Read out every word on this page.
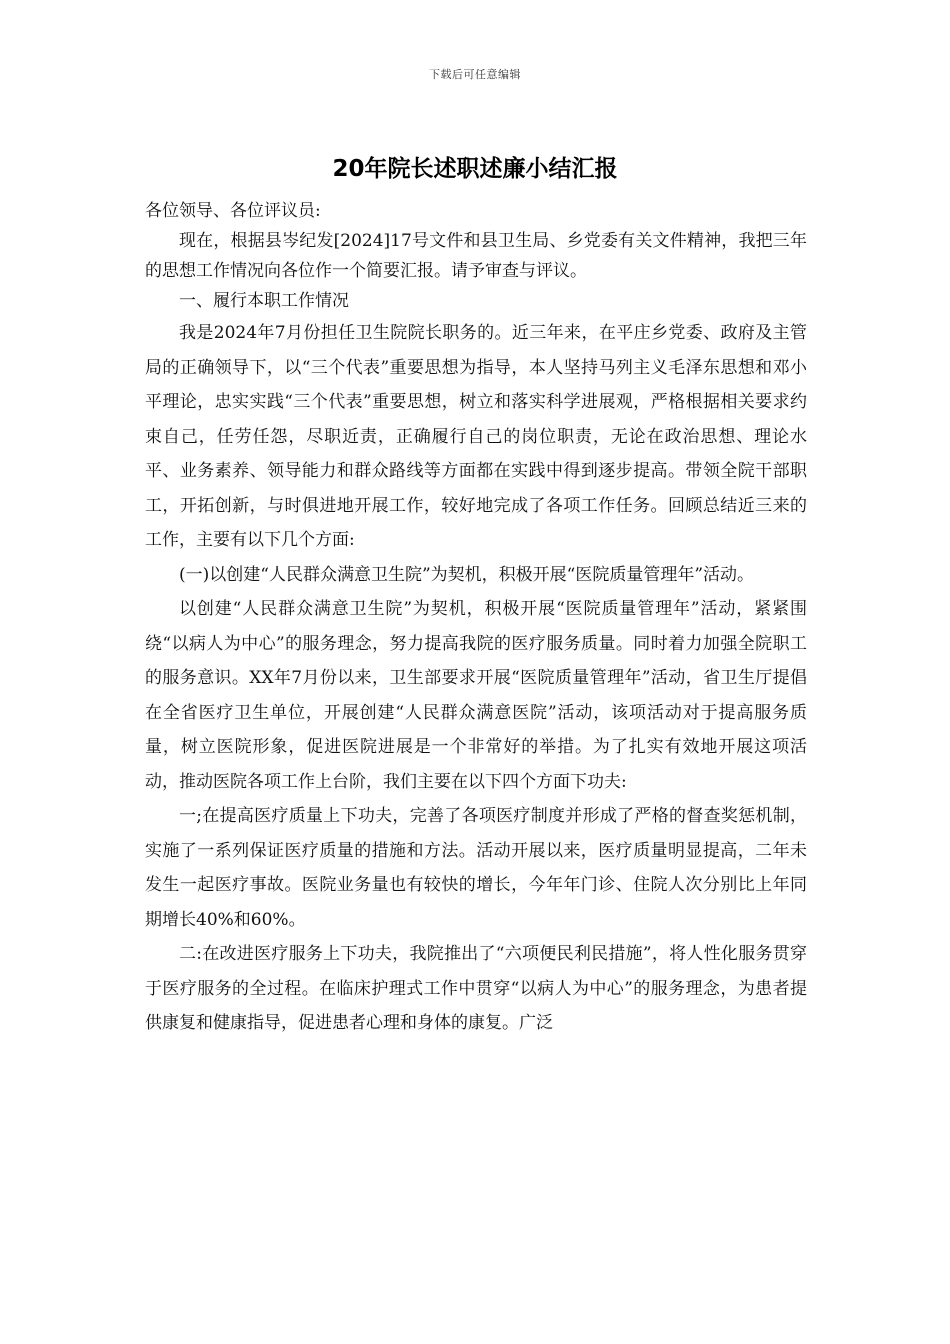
下载后可任意编辑
20年院长述职述廉小结汇报

各位领导、各位评议员:

现在，根据县岑纪发[2024]17号文件和县卫生局、乡党委有关文件精神，我把三年的思想工作情况向各位作一个简要汇报。请予审查与评议。

一、履行本职工作情况

我是2024年7月份担任卫生院院长职务的。近三年来，在平庄乡党委、政府及主管局的正确领导下，以“三个代表”重要思想为指导，本人坚持马列主义毛泽东思想和邓小平理论，忠实实践“三个代表”重要思想，树立和落实科学进展观，严格根据相关要求约束自己，任劳任怨，尽职近责，正确履行自己的岗位职责，无论在政治思想、理论水平、业务素养、领导能力和群众路线等方面都在实践中得到逐步提高。带领全院干部职工，开拓创新，与时俱进地开展工作，较好地完成了各项工作任务。回顾总结近三来的工作，主要有以下几个方面:

(一)以创建“人民群众满意卫生院”为契机，积极开展“医院质量管理年”活动。

以创建“人民群众满意卫生院”为契机，积极开展“医院质量管理年”活动，紧紧围绕“以病人为中心”的服务理念，努力提高我院的医疗服务质量。同时着力加强全院职工的服务意识。XX年7月份以来，卫生部要求开展“医院质量管理年”活动，省卫生厅提倡在全省医疗卫生单位，开展创建“人民群众满意医院”活动，该项活动对于提高服务质量，树立医院形象，促进医院进展是一个非常好的举措。为了扎实有效地开展这项活动，推动医院各项工作上台阶，我们主要在以下四个方面下功夫:

一;在提高医疗质量上下功夫，完善了各项医疗制度并形成了严格的督查奖惩机制，实施了一系列保证医疗质量的措施和方法。活动开展以来，医疗质量明显提高，二年未发生一起医疗事故。医院业务量也有较快的增长，今年年门诊、住院人次分别比上年同期增长40%和60%。

二:在改进医疗服务上下功夫，我院推出了“六项便民利民措施”，将人性化服务贯穿于医疗服务的全过程。在临床护理式工作中贯穿“以病人为中心”的服务理念，为患者提供康复和健康指导，促进患者心理和身体的康复。广泛
